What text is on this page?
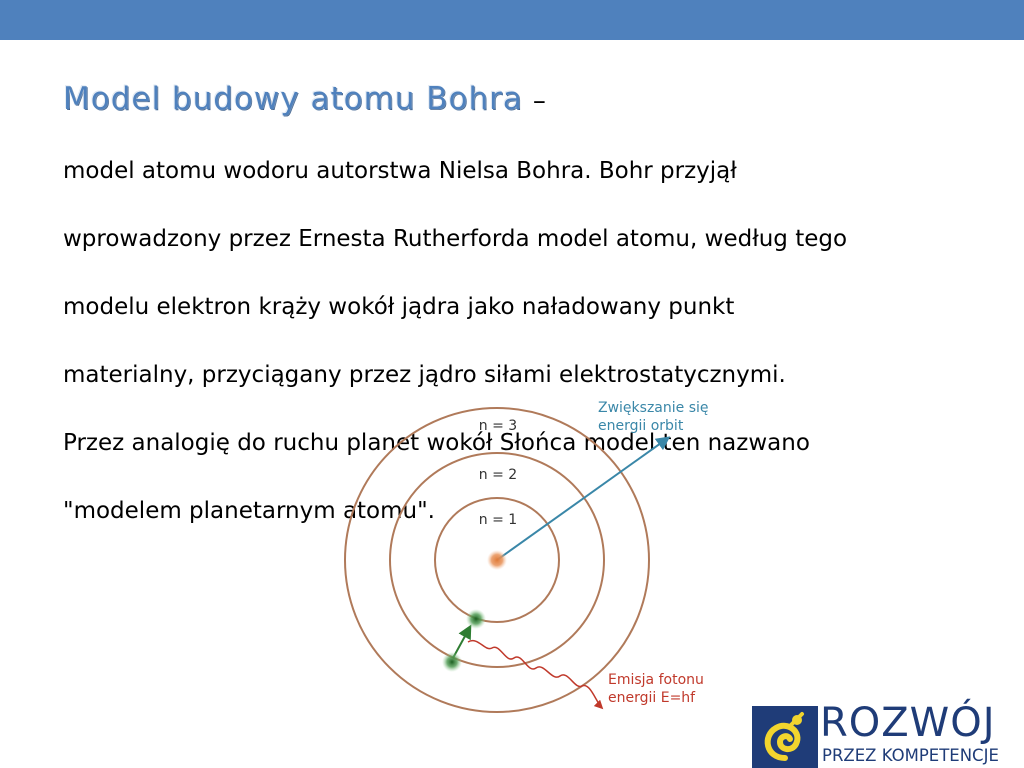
Model budowy atomu Bohra –

model atomu wodoru autorstwa Nielsa Bohra. Bohr przyjął

wprowadzony przez Ernesta Rutherforda model atomu, według tego

modelu elektron krąży wokół jądra jako naładowany punkt

materialny, przyciągany przez jądro siłami elektrostatycznymi.

Przez analogię do ruchu planet wokół Słońca model ten nazwano

"modelem planetarnym atomu".	n = 1
n = 2
n = 3
Zwiększanie się
energii orbit
Emisja fotonu
energii E=hf
ROZWÓJ
PRZEZ KOMPETENCJE
